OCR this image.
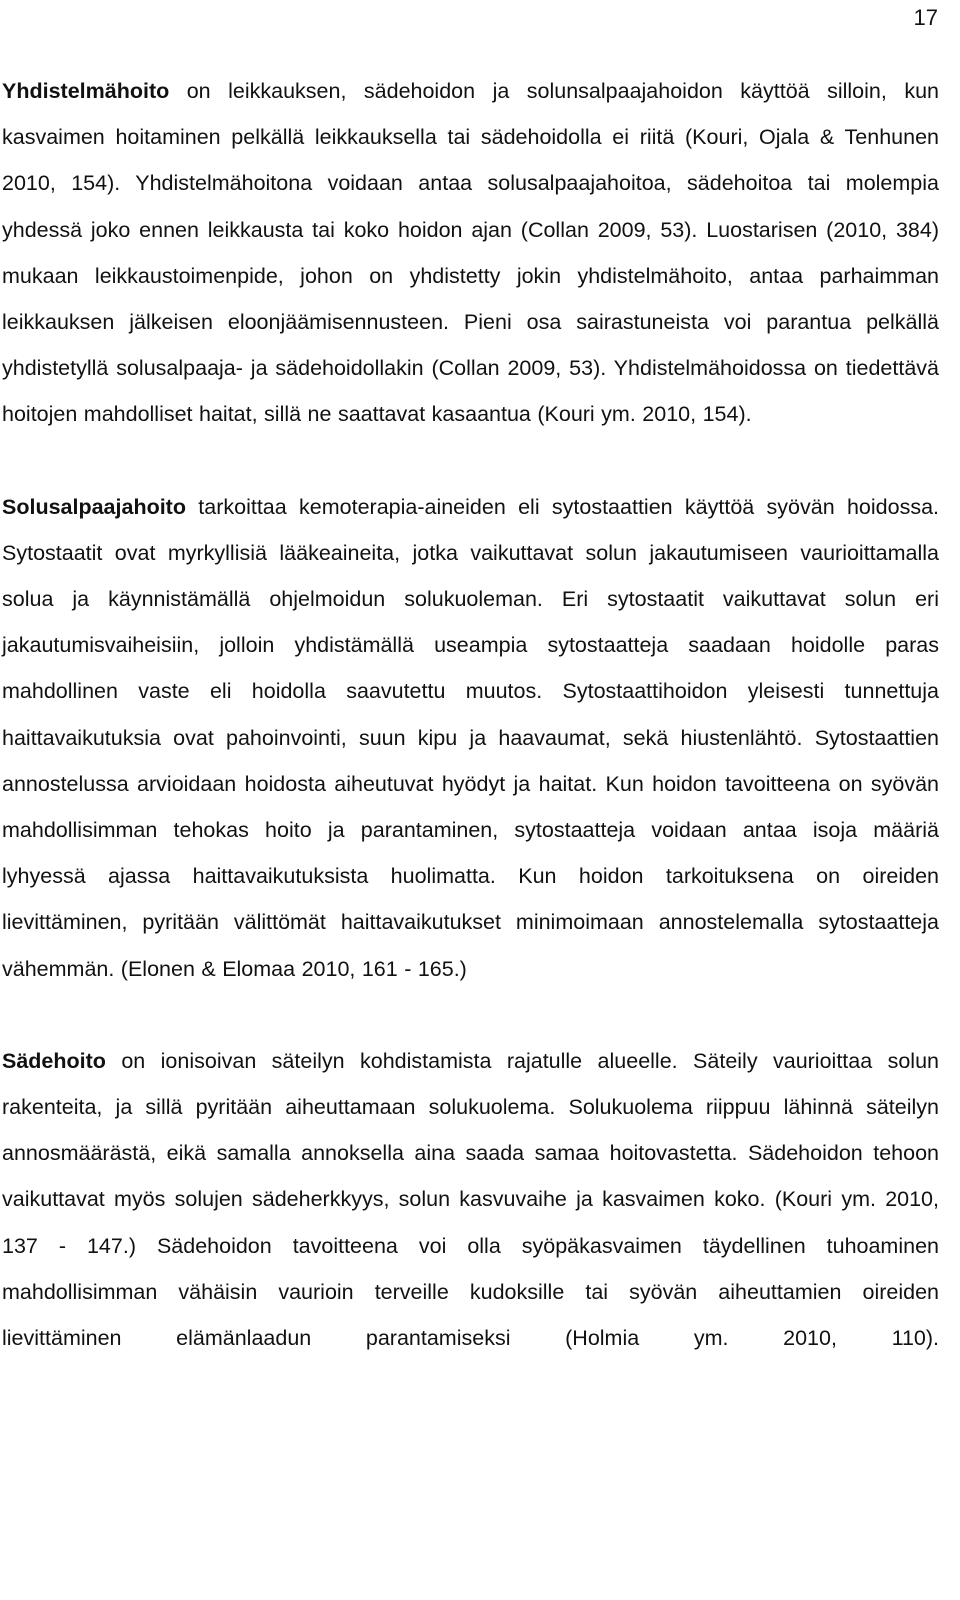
17

Yhdistelmähoito on leikkauksen, sädehoidon ja solunsalpaajahoidon käyttöä silloin, kun kasvaimen hoitaminen pelkällä leikkauksella tai sädehoidolla ei riitä (Kouri, Ojala & Tenhunen 2010, 154). Yhdistelmähoitona voidaan antaa solusalpaajahoitoa, sädehoitoa tai molempia yhdessä joko ennen leikkausta tai koko hoidon ajan (Collan 2009, 53). Luostarisen (2010, 384) mukaan leikkaustoimenpide, johon on yhdistetty jokin yhdistelmähoito, antaa parhaimman leikkauksen jälkeisen eloonjäämisennusteen. Pieni osa sairastuneista voi parantua pelkällä yhdistetyllä solusalpaaja- ja sädehoidollakin (Collan 2009, 53). Yhdistelmähoidossa on tiedettävä hoitojen mahdolliset haitat, sillä ne saattavat kasaantua (Kouri ym. 2010, 154).

Solusalpaajahoito tarkoittaa kemoterapia-aineiden eli sytostaattien käyttöä syövän hoidossa. Sytostaatit ovat myrkyllisiä lääkeaineita, jotka vaikuttavat solun jakautumiseen vaurioittamalla solua ja käynnistämällä ohjelmoidun solukuoleman. Eri sytostaatit vaikuttavat solun eri jakautumisvaiheisiin, jolloin yhdistämällä useampia sytostaatteja saadaan hoidolle paras mahdollinen vaste eli hoidolla saavutettu muutos. Sytostaattihoidon yleisesti tunnettuja haittavaikutuksia ovat pahoinvointi, suun kipu ja haavaumat, sekä hiustenlähtö. Sytostaattien annostelussa arvioidaan hoidosta aiheutuvat hyödyt ja haitat. Kun hoidon tavoitteena on syövän mahdollisimman tehokas hoito ja parantaminen, sytostaatteja voidaan antaa isoja määriä lyhyessä ajassa haittavaikutuksista huolimatta. Kun hoidon tarkoituksena on oireiden lievittäminen, pyritään välittömät haittavaikutukset minimoimaan annostelemalla sytostaatteja vähemmän. (Elonen & Elomaa 2010, 161 - 165.)

Sädehoito on ionisoivan säteilyn kohdistamista rajatulle alueelle. Säteily vaurioittaa solun rakenteita, ja sillä pyritään aiheuttamaan solukuolema. Solukuolema riippuu lähinnä säteilyn annosmäärästä, eikä samalla annoksella aina saada samaa hoitovastetta. Sädehoidon tehoon vaikuttavat myös solujen sädeherkkyys, solun kasvuvaihe ja kasvaimen koko. (Kouri ym. 2010, 137 - 147.) Sädehoidon tavoitteena voi olla syöpäkasvaimen täydellinen tuhoaminen mahdollisimman vähäisin vaurioin terveille kudoksille tai syövän aiheuttamien oireiden lievittäminen elämänlaadun parantamiseksi (Holmia ym. 2010, 110).
